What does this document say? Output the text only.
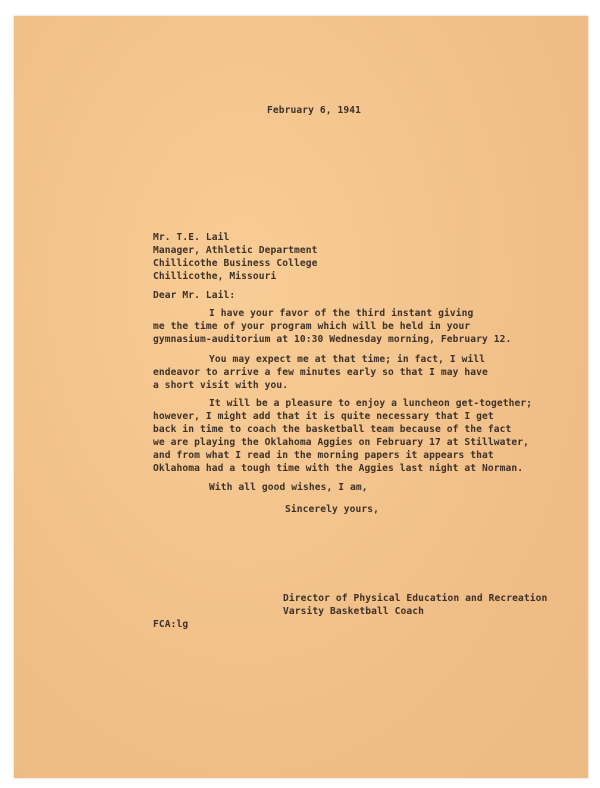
February 6, 1941

Mr. T.E. Lail
Manager, Athletic Department
Chillicothe Business College
Chillicothe, Missouri

Dear Mr. Lail:

I have your favor of the third instant giving
me the time of your program which will be held in your
gymnasium-auditorium at 10:30 Wednesday morning, February 12.
You may expect me at that time; in fact, I will
endeavor to arrive a few minutes early so that I may have
a short visit with you.
It will be a pleasure to enjoy a luncheon get-together;
however, I might add that it is quite necessary that I get
back in time to coach the basketball team because of the fact
we are playing the Oklahoma Aggies on February 17 at Stillwater,
and from what I read in the morning papers it appears that
Oklahoma had a tough time with the Aggies last night at Norman.

With all good wishes, I am,

Sincerely yours,

Director of Physical Education and Recreation
Varsity Basketball Coach

FCA:lg
